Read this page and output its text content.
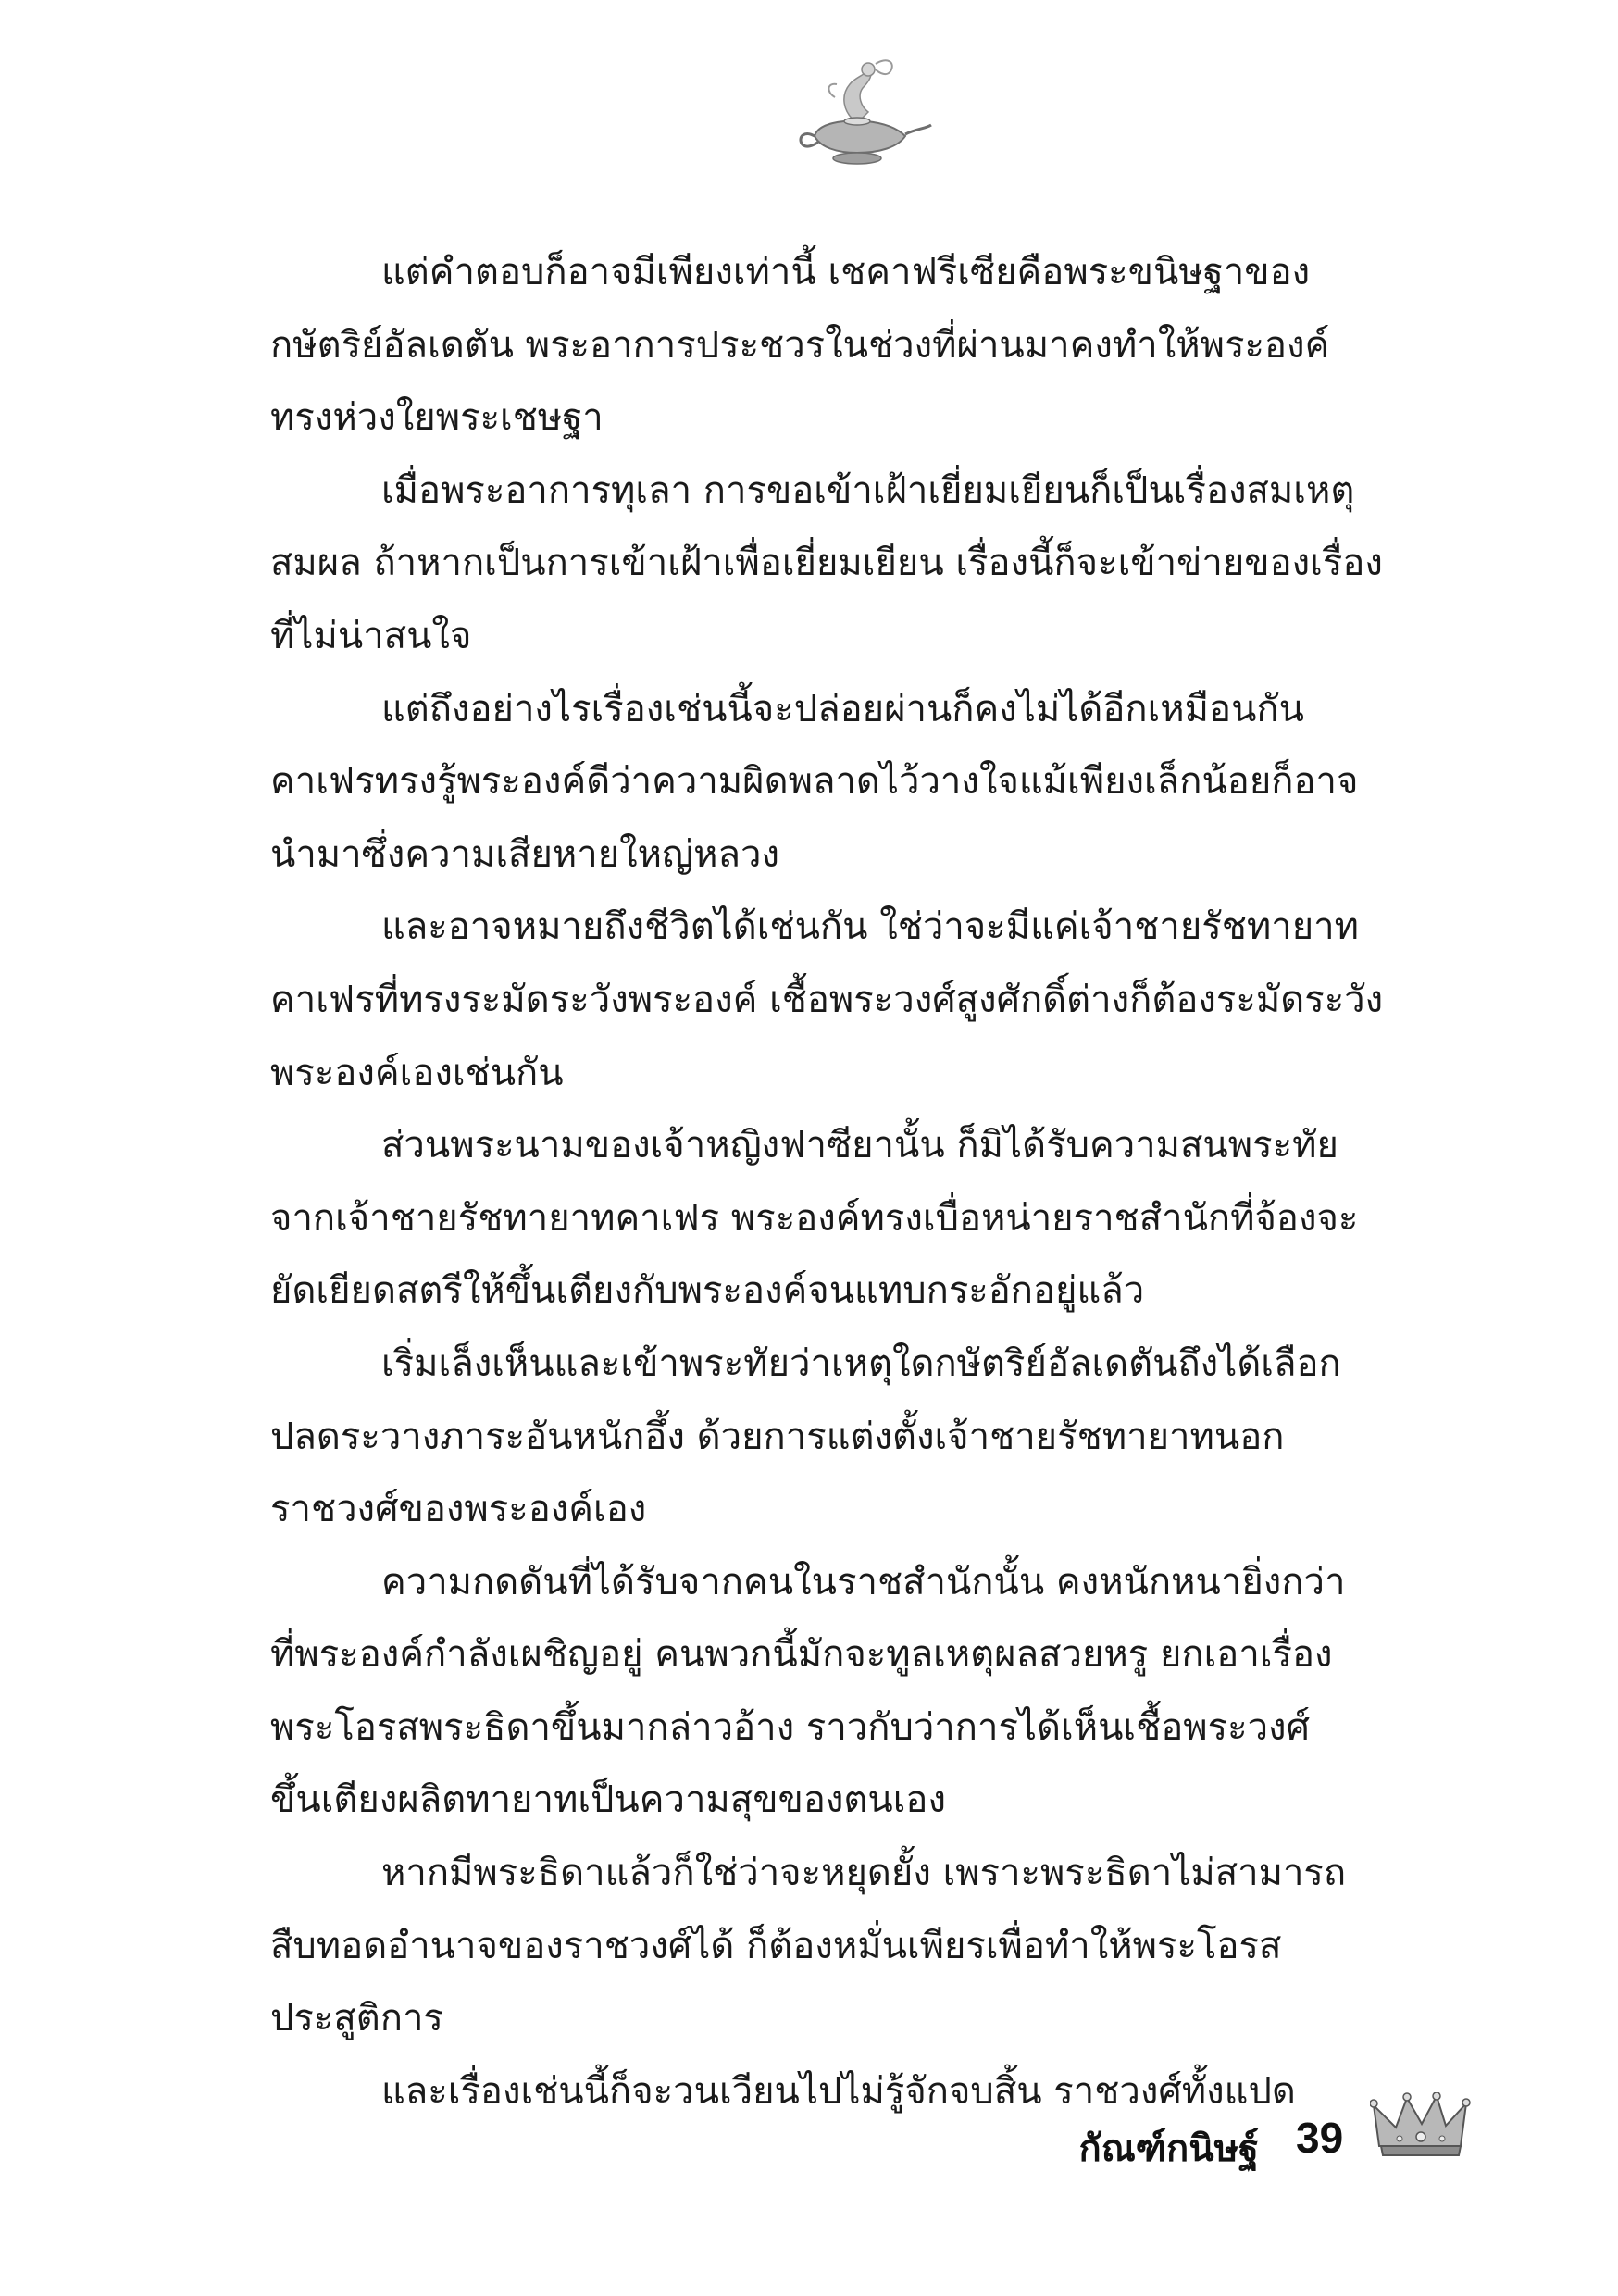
แต่คำตอบก็อาจมีเพียงเท่านี้ เชคาฟรีเซียคือพระขนิษฐาของ
กษัตริย์อัลเดตัน พระอาการประชวรในช่วงที่ผ่านมาคงทำให้พระองค์
ทรงห่วงใยพระเชษฐา
เมื่อพระอาการทุเลา การขอเข้าเฝ้าเยี่ยมเยียนก็เป็นเรื่องสมเหตุ
สมผล ถ้าหากเป็นการเข้าเฝ้าเพื่อเยี่ยมเยียน เรื่องนี้ก็จะเข้าข่ายของเรื่อง
ที่ไม่น่าสนใจ
แต่ถึงอย่างไรเรื่องเช่นนี้จะปล่อยผ่านก็คงไม่ได้อีกเหมือนกัน
คาเฟรทรงรู้พระองค์ดีว่าความผิดพลาดไว้วางใจแม้เพียงเล็กน้อยก็อาจ
นำมาซึ่งความเสียหายใหญ่หลวง
และอาจหมายถึงชีวิตได้เช่นกัน ใช่ว่าจะมีแค่เจ้าชายรัชทายาท
คาเฟรที่ทรงระมัดระวังพระองค์ เชื้อพระวงศ์สูงศักดิ์ต่างก็ต้องระมัดระวัง
พระองค์เองเช่นกัน
ส่วนพระนามของเจ้าหญิงฟาซียานั้น ก็มิได้รับความสนพระทัย
จากเจ้าชายรัชทายาทคาเฟร พระองค์ทรงเบื่อหน่ายราชสำนักที่จ้องจะ
ยัดเยียดสตรีให้ขึ้นเตียงกับพระองค์จนแทบกระอักอยู่แล้ว
เริ่มเล็งเห็นและเข้าพระทัยว่าเหตุใดกษัตริย์อัลเดตันถึงได้เลือก
ปลดระวางภาระอันหนักอึ้ง ด้วยการแต่งตั้งเจ้าชายรัชทายาทนอก
ราชวงศ์ของพระองค์เอง
ความกดดันที่ได้รับจากคนในราชสำนักนั้น คงหนักหนายิ่งกว่า
ที่พระองค์กำลังเผชิญอยู่ คนพวกนี้มักจะทูลเหตุผลสวยหรู ยกเอาเรื่อง
พระโอรสพระธิดาขึ้นมากล่าวอ้าง ราวกับว่าการได้เห็นเชื้อพระวงศ์
ขึ้นเตียงผลิตทายาทเป็นความสุขของตนเอง
หากมีพระธิดาแล้วก็ใช่ว่าจะหยุดยั้ง เพราะพระธิดาไม่สามารถ
สืบทอดอำนาจของราชวงศ์ได้ ก็ต้องหมั่นเพียรเพื่อทำให้พระโอรส
ประสูติการ
และเรื่องเช่นนี้ก็จะวนเวียนไปไม่รู้จักจบสิ้น ราชวงศ์ทั้งแปด
กัณฑ์กนิษฐ์ 39
